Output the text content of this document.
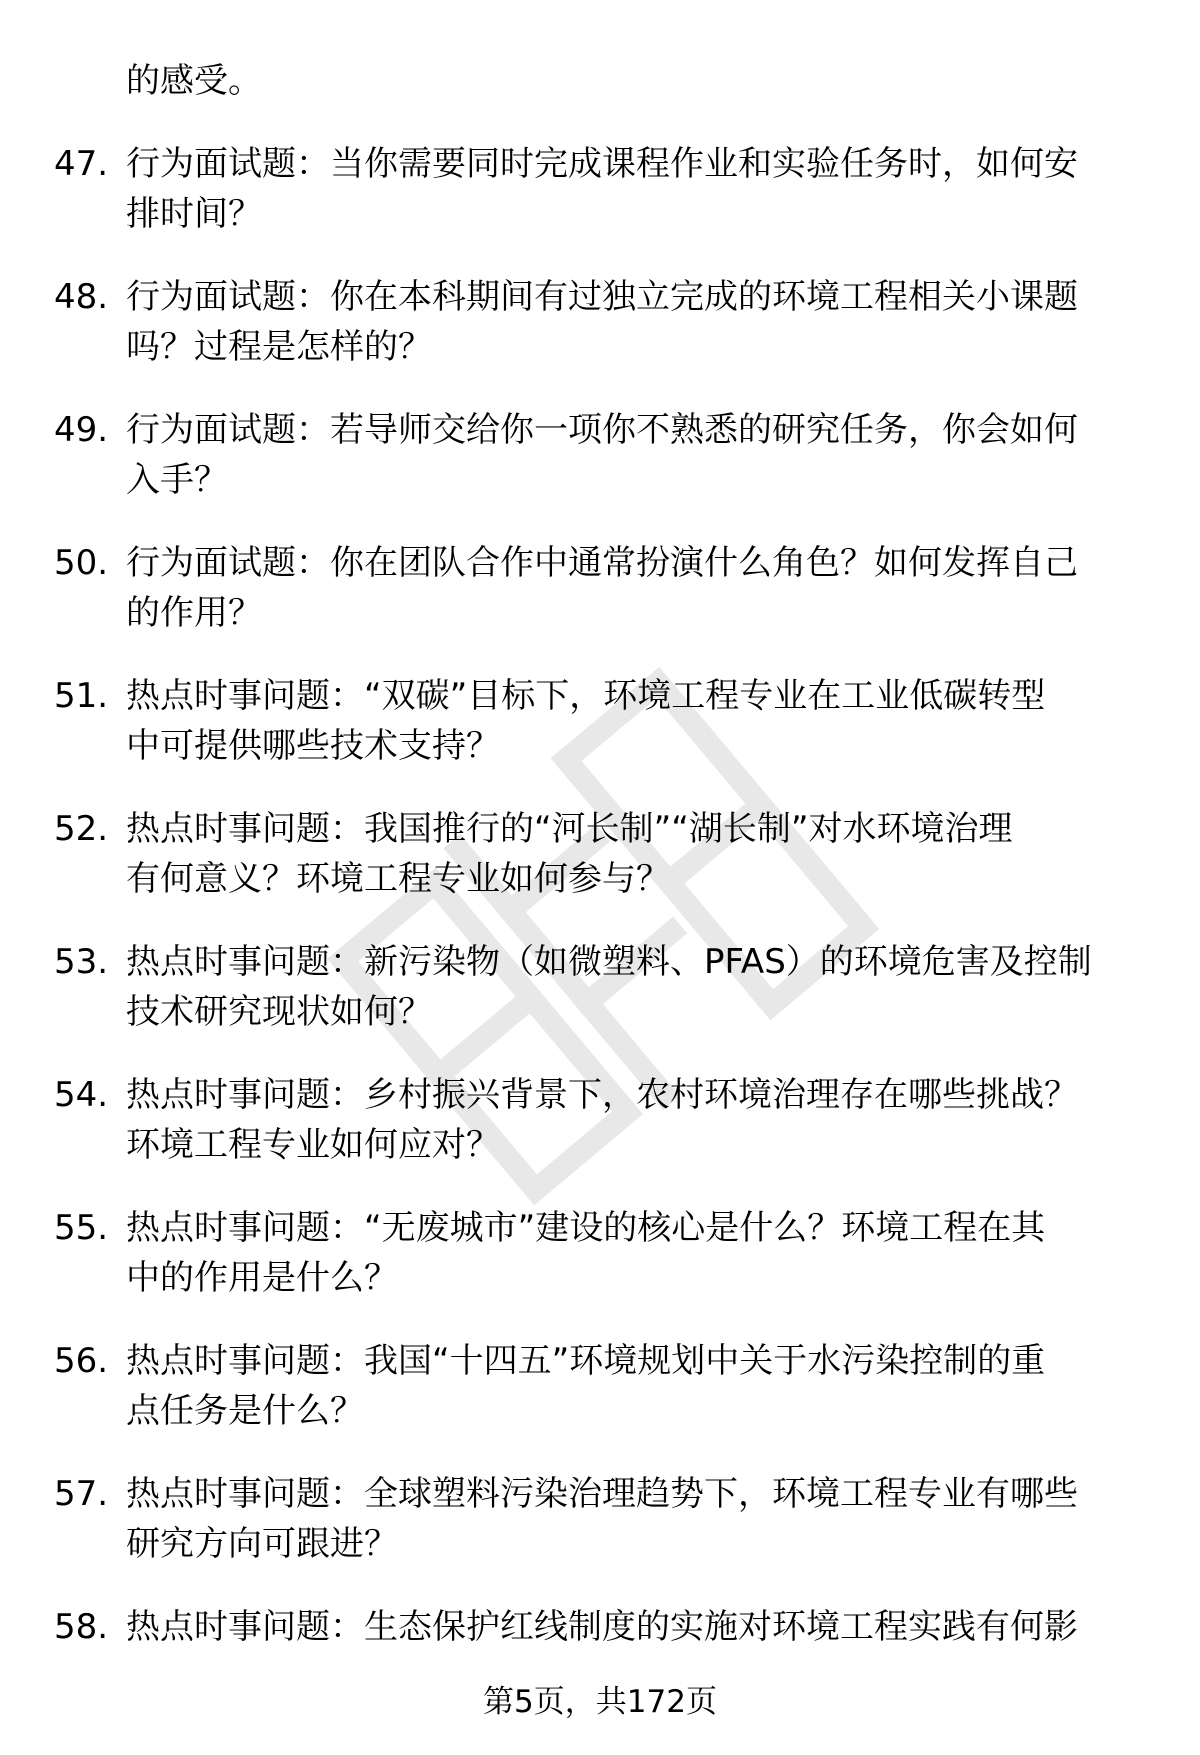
的感受。
47. 行为面试题：当你需要同时完成课程作业和实验任务时，如何安
排时间？
48. 行为面试题：你在本科期间有过独立完成的环境工程相关小课题
吗？过程是怎样的？
49. 行为面试题：若导师交给你一项你不熟悉的研究任务，你会如何
入手？
50. 行为面试题：你在团队合作中通常扮演什么角色？如何发挥自己
的作用？
51. 热点时事问题：“双碳”目标下，环境工程专业在工业低碳转型
中可提供哪些技术支持？
52. 热点时事问题：我国推行的“河长制”“湖长制”对水环境治理
有何意义？环境工程专业如何参与？
53. 热点时事问题：新污染物（如微塑料、PFAS）的环境危害及控制
技术研究现状如何？
54. 热点时事问题：乡村振兴背景下，农村环境治理存在哪些挑战？
环境工程专业如何应对？
55. 热点时事问题：“无废城市”建设的核心是什么？环境工程在其
中的作用是什么？
56. 热点时事问题：我国“十四五”环境规划中关于水污染控制的重
点任务是什么？
57. 热点时事问题：全球塑料污染治理趋势下，环境工程专业有哪些
研究方向可跟进？
58. 热点时事问题：生态保护红线制度的实施对环境工程实践有何影
第5页，共172页
